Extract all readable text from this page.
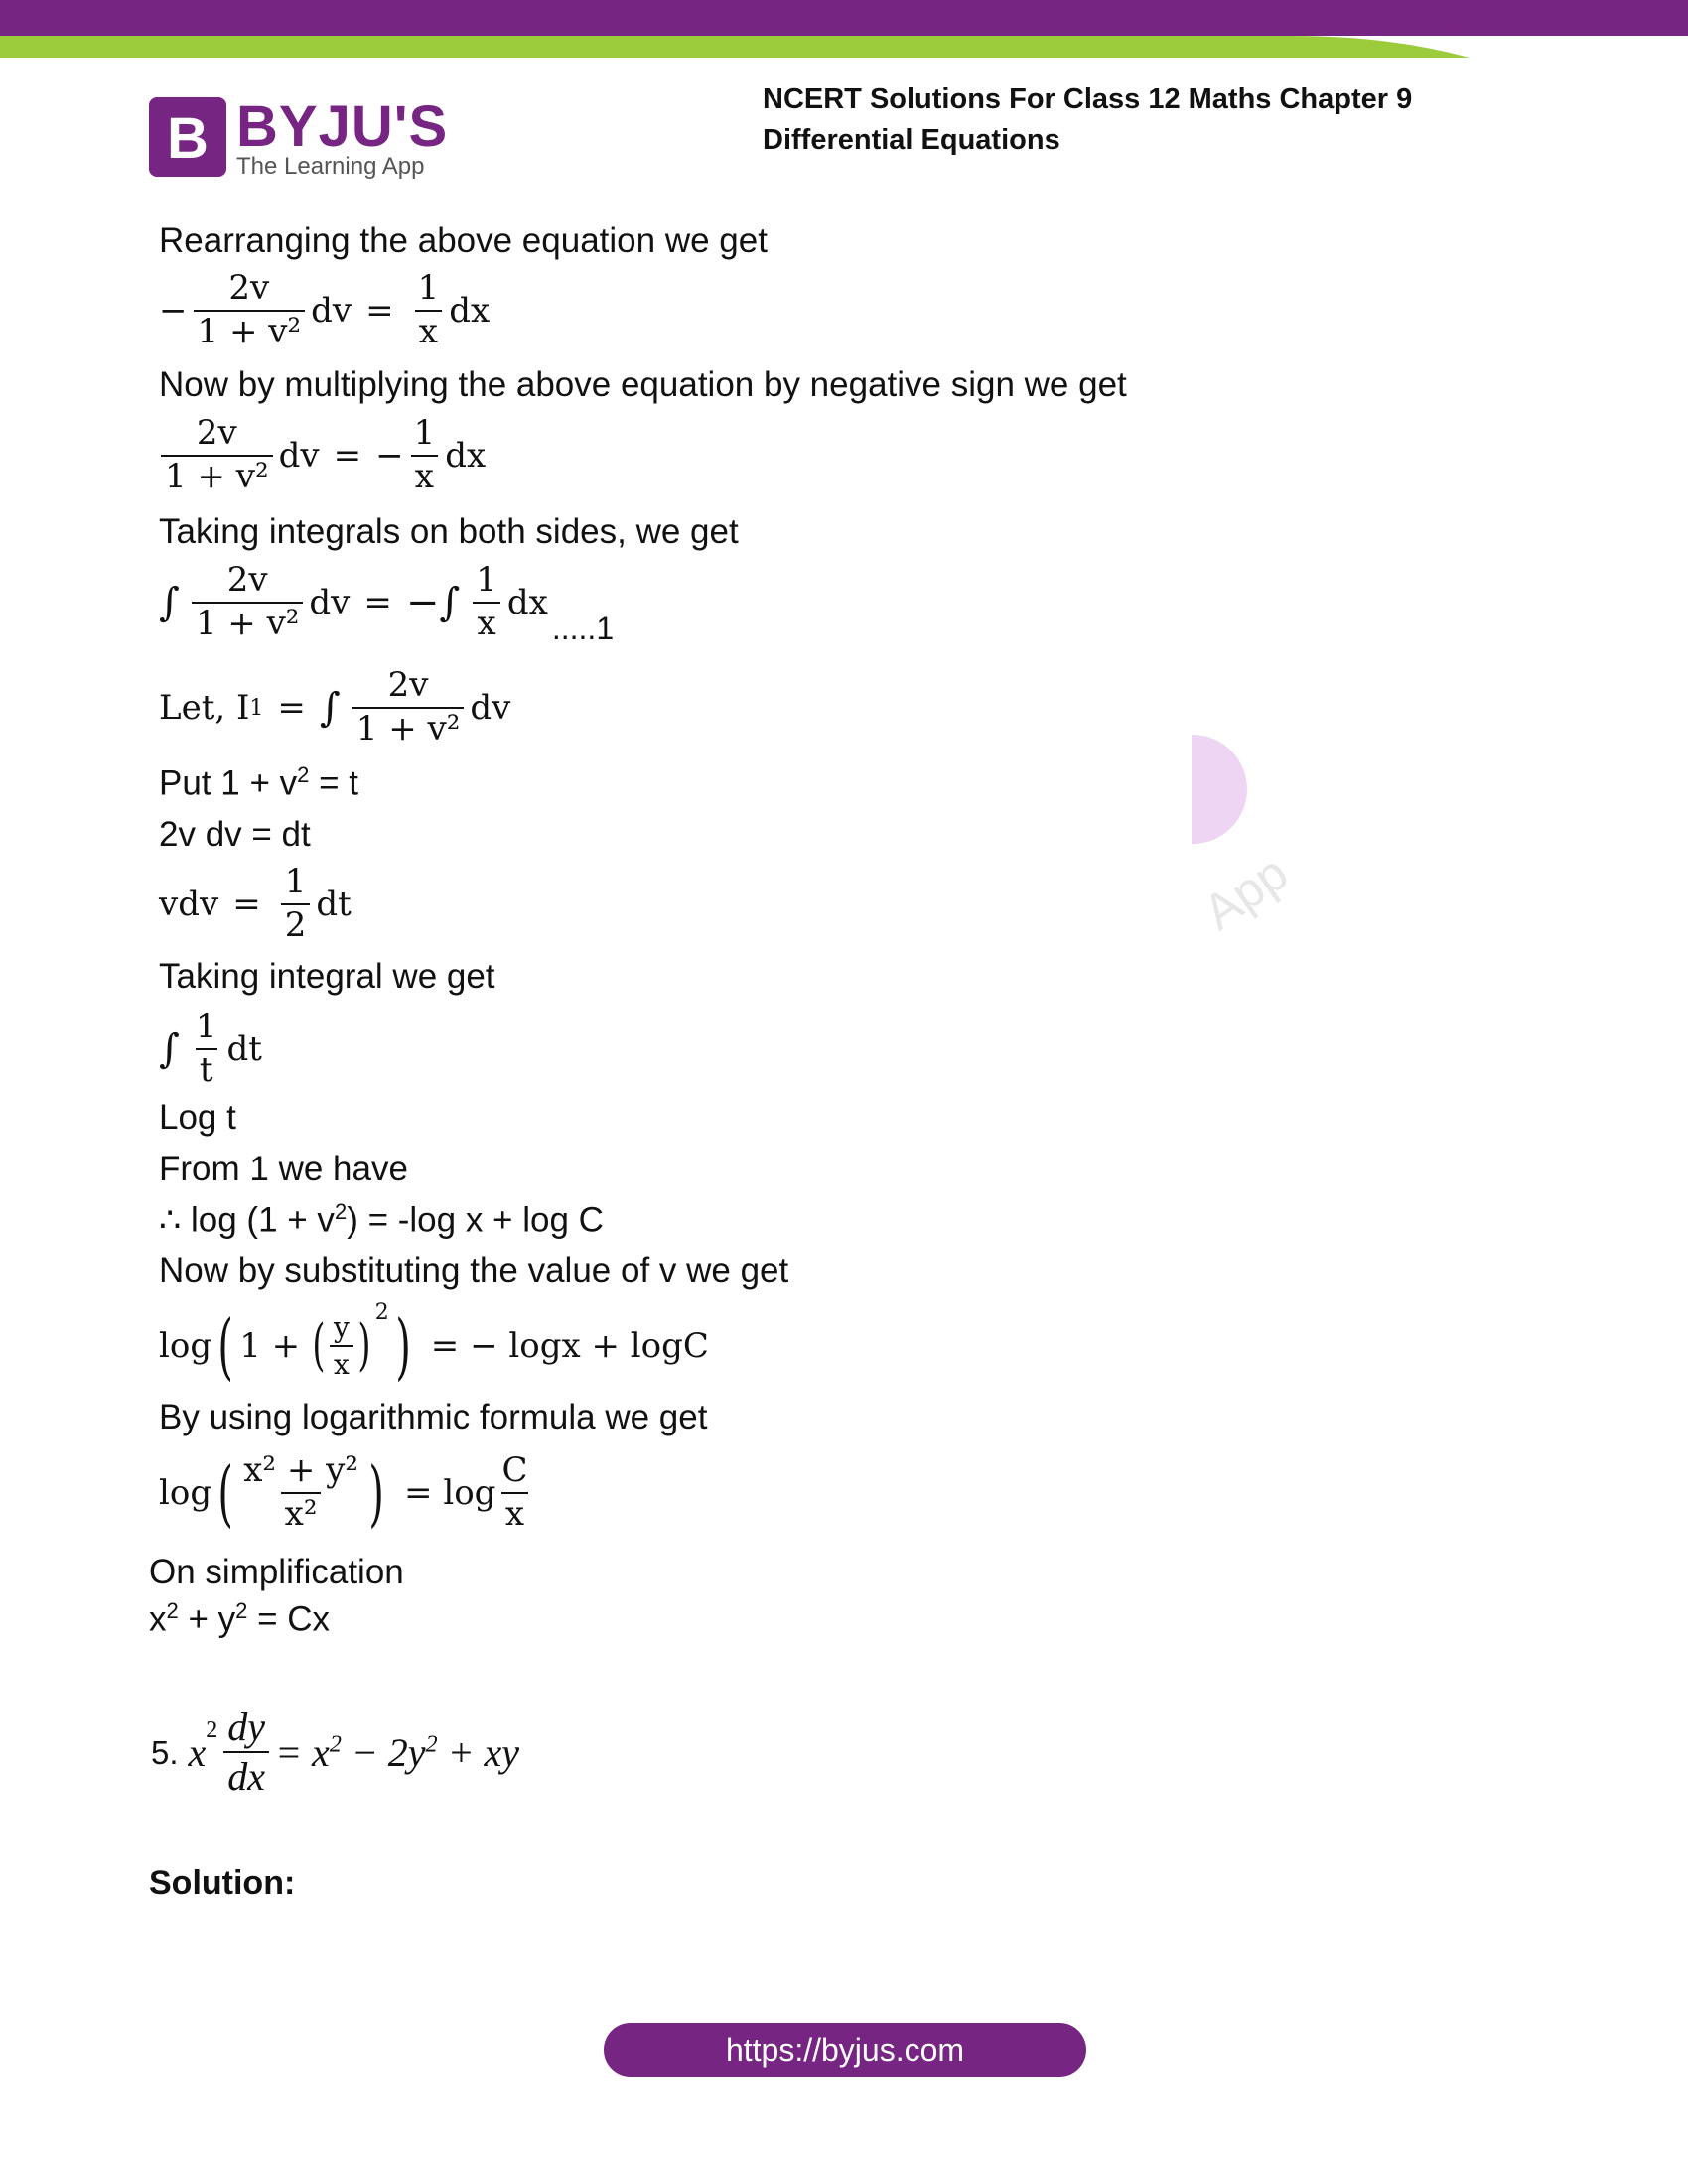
B BYJU'S
The Learning App
NCERT Solutions For Class 12 Maths Chapter 9
Differential Equations
App
Rearranging the above equation we get
− $\frac{2v}{\text{1 + v²}}$ dv = $\frac{1}{x}$ dx
Now by multiplying the above equation by negative sign we get
$\frac{2v}{\text{1 + v²}}$ dv = − $\frac{1}{x}$ dx
Taking integrals on both sides, we get
∫ $\frac{2v}{\text{1 + v²}}$ dv = −∫ $\frac{1}{x}$ dx
.....1
Let, I 1 = ∫ $\frac{2v}{\text{1 + v²}}$ dv
Put $1 + v^2 = t$
2v dv = dt
vdv = $\frac{1}{2}$ dt
Taking integral we get
∫ $\frac{1}{t}$ dt
Log t
From 1 we have
∴ $\log (1 + v^2) = -\log$ x + log C
Now by substituting the value of v we get
log ( 1 + ( $\frac{y}{x}$ )
2 ) = − logx + logC
By using logarithmic formula we get
log ( $\frac{\text{x² + y²}}{\text{x²}}$ ) = $\log \frac{C}{x}$
On simplification
$x^2 + y^2 = Cx$
5. x $2 \frac{dy}{dx} = x^2 - 2y^2$ + xy
Solution:
https://byjus.com
